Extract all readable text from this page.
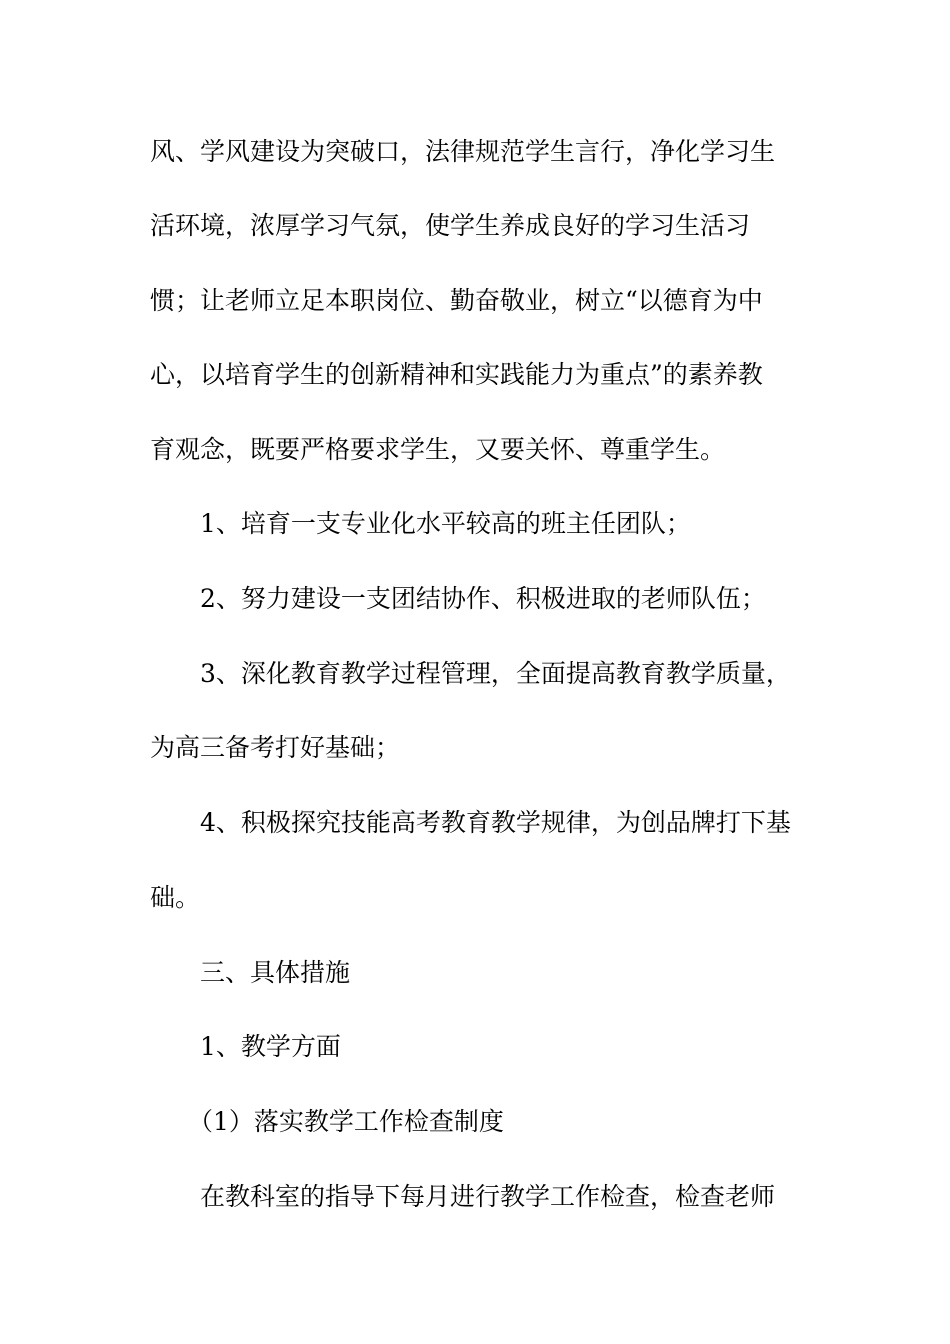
风、学风建设为突破口，法律规范学生言行，净化学习生
活环境，浓厚学习气氛，使学生养成良好的学习生活习
惯；让老师立足本职岗位、勤奋敬业，树立“以德育为中
心，以培育学生的创新精神和实践能力为重点”的素养教
育观念，既要严格要求学生，又要关怀、尊重学生。
1、培育一支专业化水平较高的班主任团队；
2、努力建设一支团结协作、积极进取的老师队伍；
3、深化教育教学过程管理，全面提高教育教学质量，
为高三备考打好基础；
4、积极探究技能高考教育教学规律，为创品牌打下基
础。
三、具体措施
1、教学方面
（1）落实教学工作检查制度
在教科室的指导下每月进行教学工作检查，检查老师
